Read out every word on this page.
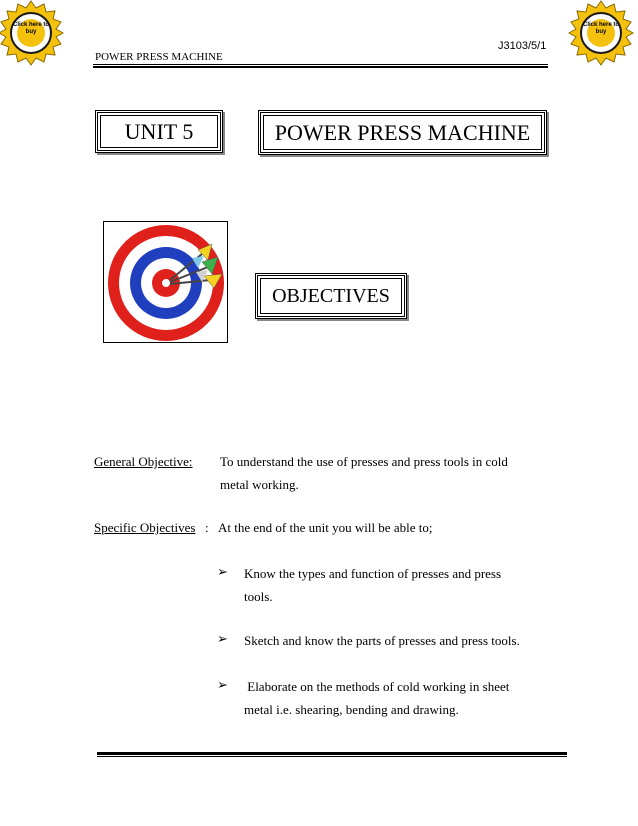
Click here to buy
Click here to buy
J3103/5/1
POWER PRESS MACHINE
UNIT 5	POWER PRESS MACHINE
OBJECTIVES
General Objective: To understand the use of presses and press tools in cold
metal working.
Specific Objectives : At the end of the unit you will be able to;
➢ Know the types and function of presses and press
tools.
➢ Sketch and know the parts of presses and press tools.
➢ Elaborate on the methods of cold working in sheet
metal i.e. shearing, bending and drawing.
